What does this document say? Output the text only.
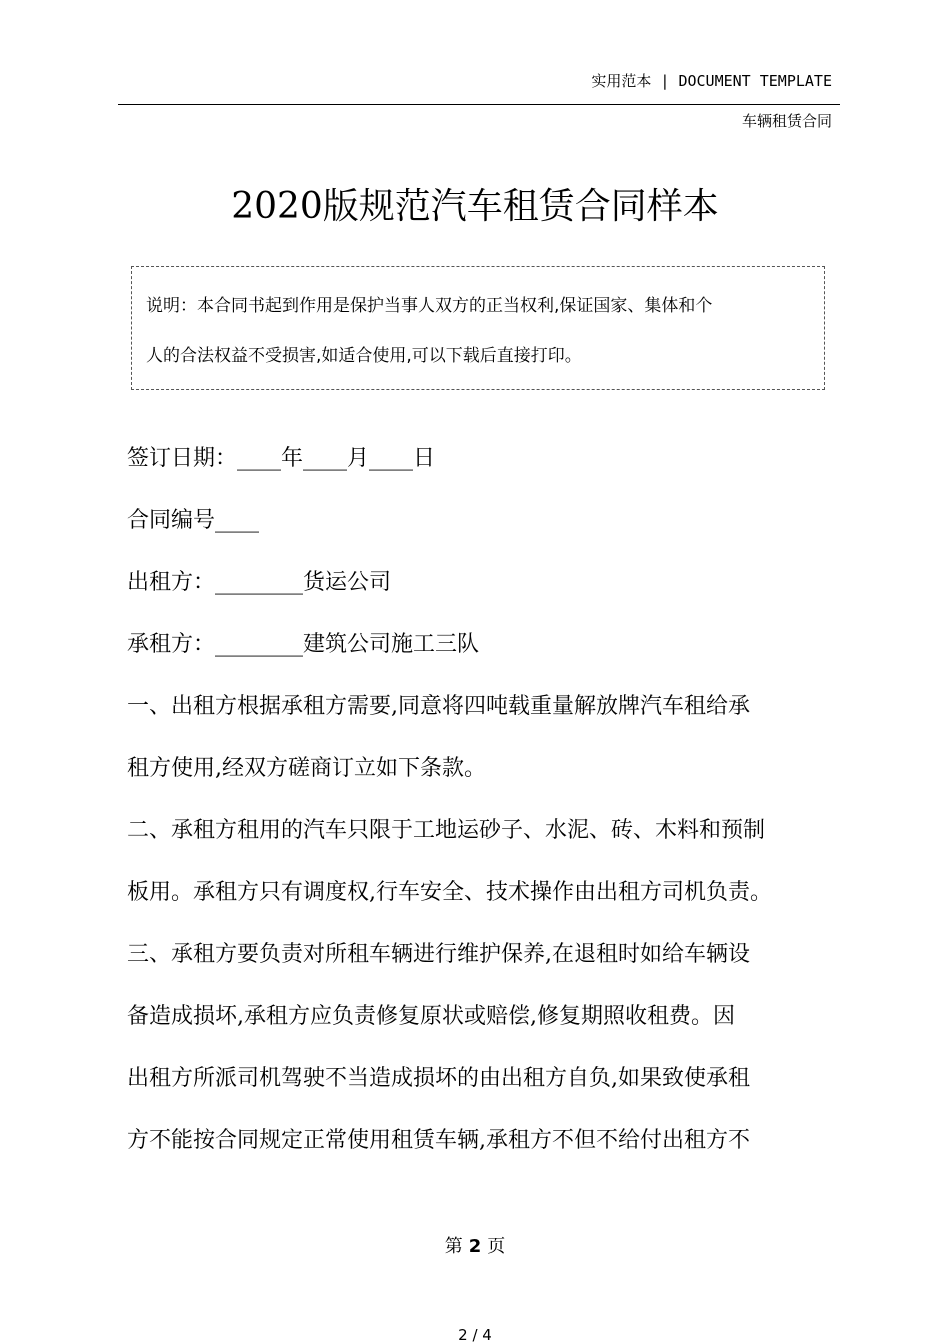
实用范本 | DOCUMENT TEMPLATE
车辆租赁合同
2020版规范汽车租赁合同样本
说明：本合同书起到作用是保护当事人双方的正当权利,保证国家、集体和个
人的合法权益不受损害,如适合使用,可以下载后直接打印。

签订日期：____年____月____日

合同编号____

出租方：________货运公司

承租方：________建筑公司施工三队

一、出租方根据承租方需要,同意将四吨载重量解放牌汽车租给承

租方使用,经双方磋商订立如下条款。

二、承租方租用的汽车只限于工地运砂子、水泥、砖、木料和预制

板用。承租方只有调度权,行车安全、技术操作由出租方司机负责。

三、承租方要负责对所租车辆进行维护保养,在退租时如给车辆设

备造成损坏,承租方应负责修复原状或赔偿,修复期照收租费。因

出租方所派司机驾驶不当造成损坏的由出租方自负,如果致使承租

方不能按合同规定正常使用租赁车辆,承租方不但不给付出租方不

第 2 页
2 / 4
